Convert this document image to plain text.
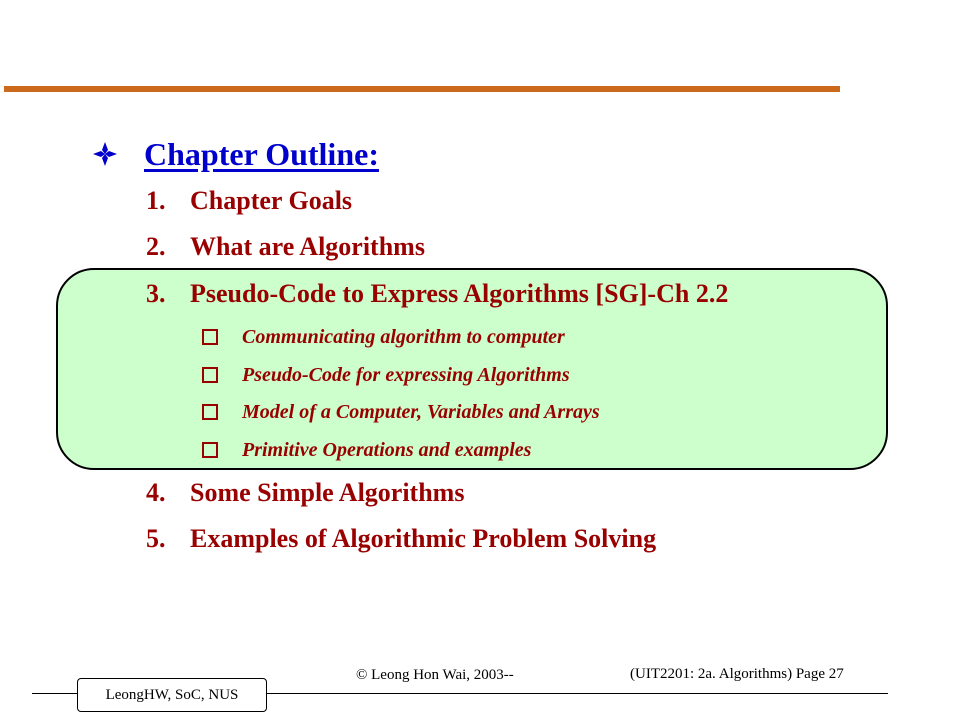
Chapter Outline:
1. Chapter Goals
2. What are Algorithms
3. Pseudo-Code to Express Algorithms [SG]-Ch 2.2
Communicating algorithm to computer
Pseudo-Code for expressing Algorithms
Model of a Computer, Variables and Arrays
Primitive Operations and examples
4. Some Simple Algorithms
5. Examples of Algorithmic Problem Solving
© Leong Hon Wai, 2003--	(UIT2201: 2a. Algorithms) Page 27
LeongHW, SoC, NUS
